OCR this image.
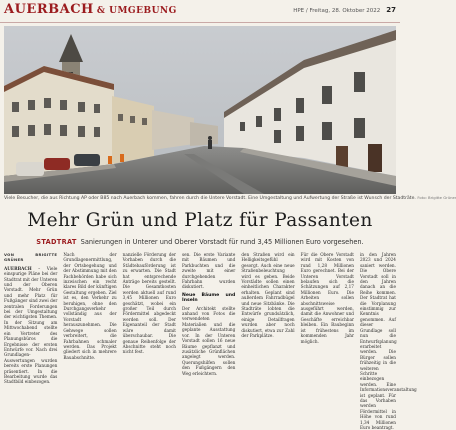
AUERBACH & UMGEBUNG	HPE / Freitag, 28. Oktober 2022 27
Viele Besucher, die aus Richtung AP oder B85 nach Auerbach kommen, fahren durch die Untere Vorstadt. Eine Umgestaltung und Aufwertung der Straße ist Wunsch der Stadträte. Foto: Brigitte Grüner
Mehr Grün und Platz für Passanten
STADTRAT Sanierungen in Unterer und Oberer Vorstadt für rund 3,45 Millionen Euro vorgesehen.
VON BRIGITTE GRÜNER

AUERBACH – Viele einspurige Pläne bei der Stadtrat mit der Unteren und der Oberen Vorstadt. Mehr Grün und mehr Platz für Fußgänger sind zwei der zentralen Forderungen bei der Umgestaltung der wichtigsten Themen. In der Sitzung am Mittwochabend stellte ein Vertreter des Planungsbüros die Ergebnisse der ersten Entwürfe vor. Nach drei Grundlagen-Auswertungen wurden bereits erste Planungen präsentiert. In die Bearbeitung wurde das Stadtbild einbezogen.

Nach der Grundlagenermittlung, der Ortsbegehung und der Abstimmung mit den Fachbehörden habe sich inzwischen ein recht klares Bild der künftigen Gestaltung ergeben. Ziel ist es, den Verkehr zu beruhigen, ohne den Durchgangsverkehr vollständig aus der Vorstadt herauszunehmen. Die Gehwege sollen verbreitert, die Fahrbahnen schmaler werden. Das Projekt gliedert sich in mehrere Bauabschnitte.

nanzielle Förderung der Vorhaben durch die Städtebauförderung ist zu erwarten. Die Stadt hat entsprechende Anträge bereits gestellt. Die Gesamtkosten werden aktuell auf rund 3,45 Millionen Euro geschätzt, wobei ein großer Teil durch Fördermittel abgedeckt werden soll. Der Eigenanteil der Stadt wäre damit überschaubar. Die genaue Reihenfolge der Abschnitte steht noch nicht fest.

sen. Die erste Variante mit Bäumen und Parkbuchten und die zweite mit einer durchgehenden Fahrbahn wurden diskutiert.

Neue Bäume und Inseln

Der Architekt stellte anhand von Fotos die verwendeten Materialien und die geplante Ausstattung vor. In der Unteren Vorstadt sollen 16 neue Bäume gepflanzt und zusätzliche Grünflächen angelegt werden. Querungshilfen sollen den Fußgängern den Weg erleichtern.

den Straßen wird ein Helligkeitsgefühl gesorgt. Auch eine neue Straßenbeleuchtung wird es geben. Beide Vorstädte sollen einen einheitlichen Charakter erhalten. Geplant sind außerdem Fahrradbügel und neue Sitzbänke. Die Stadträte lobten die Entwürfe grundsätzlich, einige Detailfragen wurden aber noch diskutiert, etwa zur Zahl der Parkplätze.

Für die Obere Vorstadt wird mit Kosten von rund 1,28 Millionen Euro gerechnet. Bei der Unteren Vorstadt belaufen sich die Schätzungen auf 2,17 Millionen Euro. Die Arbeiten sollen abschnittsweise ausgeführt werden, damit die Anwohner und Geschäfte erreichbar bleiben. Ein Baubeginn ist frühestens im kommenden Jahr möglich.

in den Jahren 2023 und 2024 saniert werden. Die Obere Vorstadt soll in den Jahren danach an die Reihe kommen. Der Stadtrat hat die Vorplanung einstimmig zur Kenntnis genommen. Auf dieser Grundlage soll nun die Entwurfsplanung erarbeitet werden. Die Bürger sollen frühzeitig in die weiteren Schritte einbezogen werden. Eine Informationsveranstaltung ist geplant. Für das Vorhaben werden Fördermittel in Höhe von rund 1,34 Millionen Euro beantragt.
